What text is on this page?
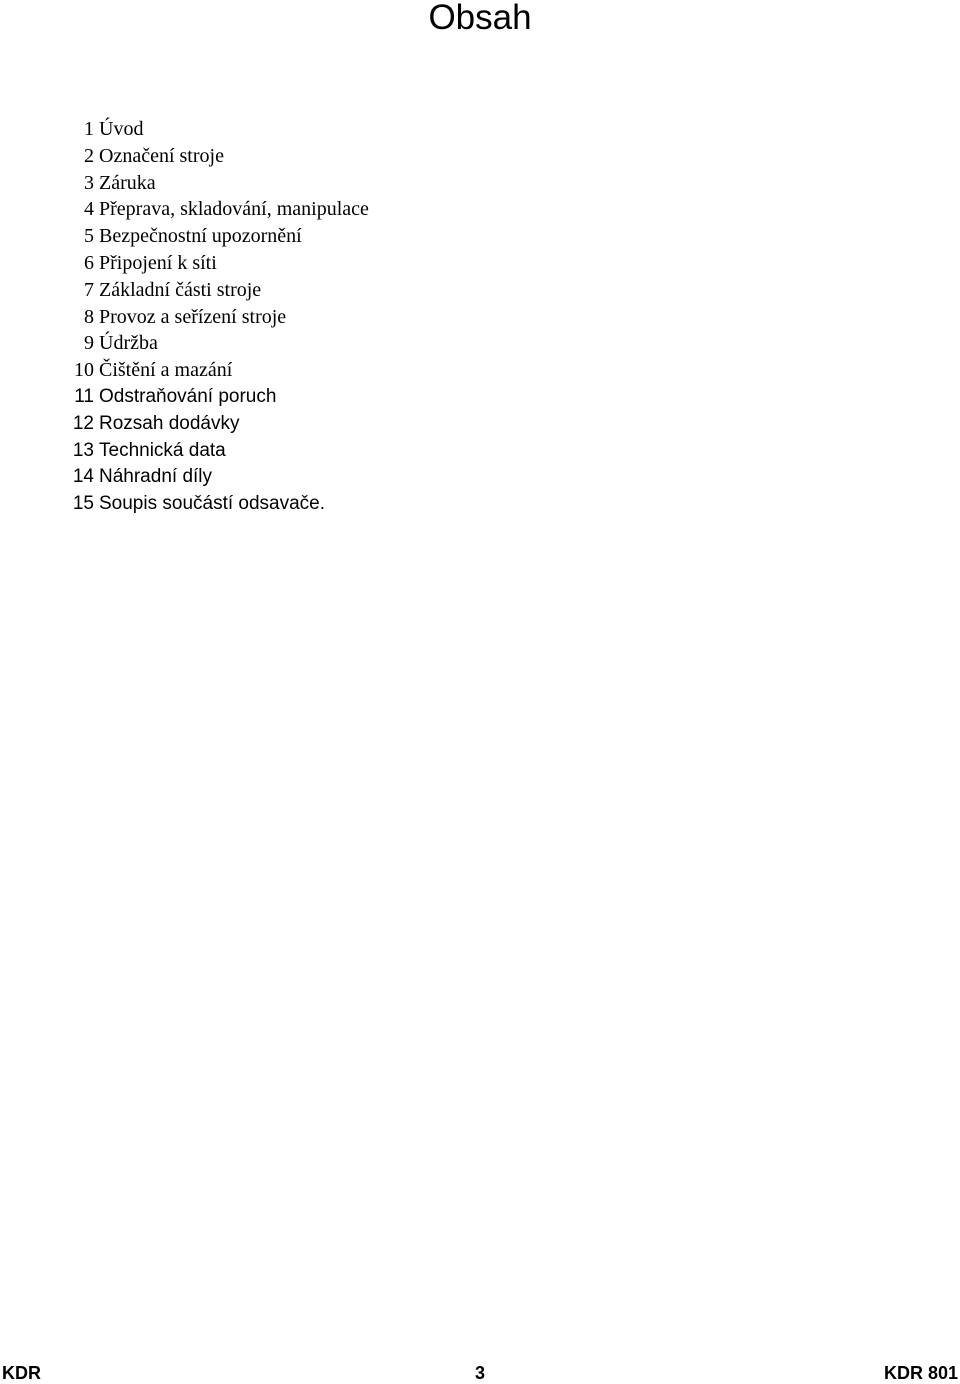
Obsah
1 Úvod
2 Označení stroje
3 Záruka
4 Přeprava, skladování, manipulace
5 Bezpečnostní upozornění
6 Připojení k síti
7 Základní části stroje
8 Provoz a seřízení stroje
9 Údržba
10 Čištění a mazání
11 Odstraňování poruch
12 Rozsah dodávky
13 Technická data
14 Náhradní díly
15 Soupis součástí odsavače.
KDR	3	KDR 801
